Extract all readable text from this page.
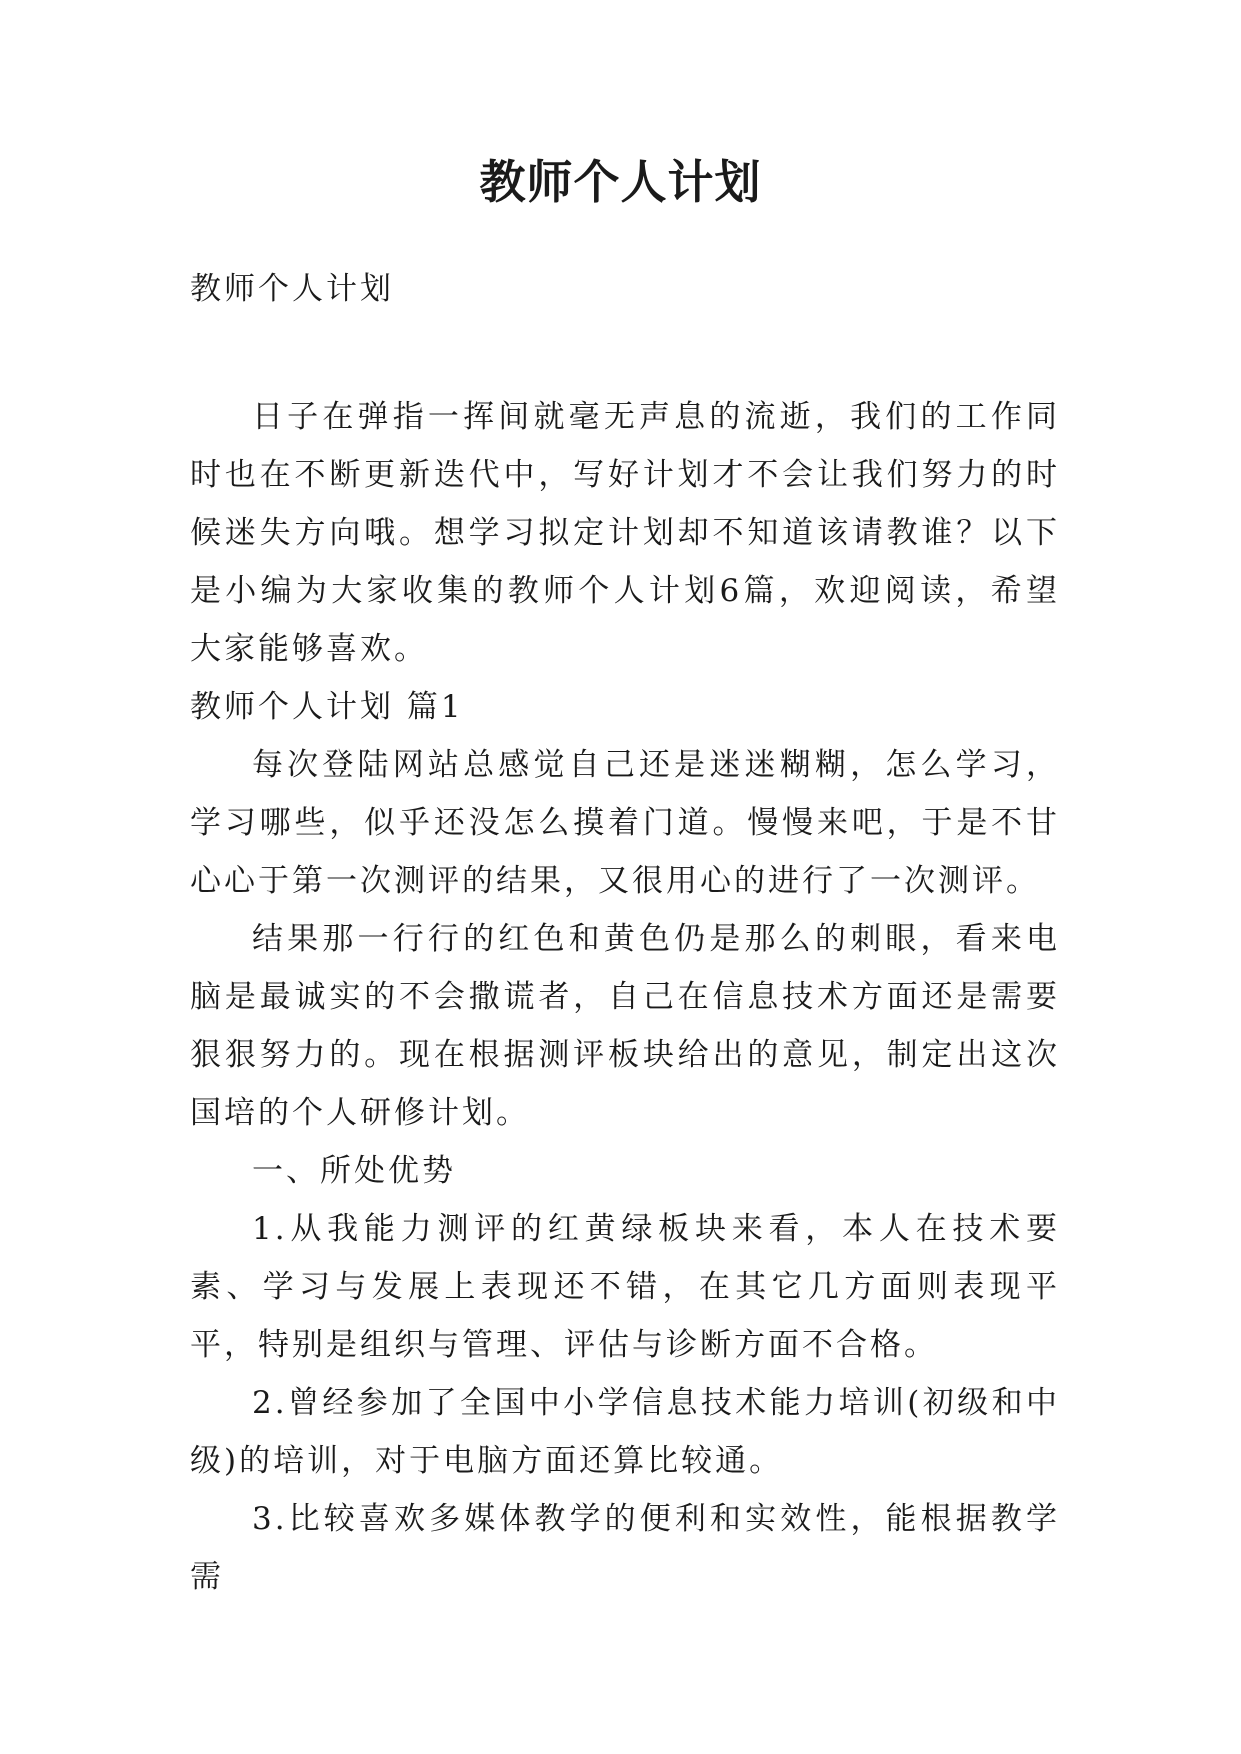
教师个人计划

教师个人计划

日子在弹指一挥间就毫无声息的流逝，我们的工作同时也在不断更新迭代中，写好计划才不会让我们努力的时候迷失方向哦。想学习拟定计划却不知道该请教谁？以下是小编为大家收集的教师个人计划6篇，欢迎阅读，希望大家能够喜欢。

教师个人计划 篇1

每次登陆网站总感觉自己还是迷迷糊糊，怎么学习，学习哪些，似乎还没怎么摸着门道。慢慢来吧，于是不甘心心于第一次测评的结果，又很用心的进行了一次测评。

结果那一行行的红色和黄色仍是那么的刺眼，看来电脑是最诚实的不会撒谎者，自己在信息技术方面还是需要狠狠努力的。现在根据测评板块给出的意见，制定出这次国培的个人研修计划。

一、所处优势

1.从我能力测评的红黄绿板块来看，本人在技术要素、学习与发展上表现还不错，在其它几方面则表现平平，特别是组织与管理、评估与诊断方面不合格。

2.曾经参加了全国中小学信息技术能力培训(初级和中级)的培训，对于电脑方面还算比较通。

3.比较喜欢多媒体教学的便利和实效性，能根据教学需
